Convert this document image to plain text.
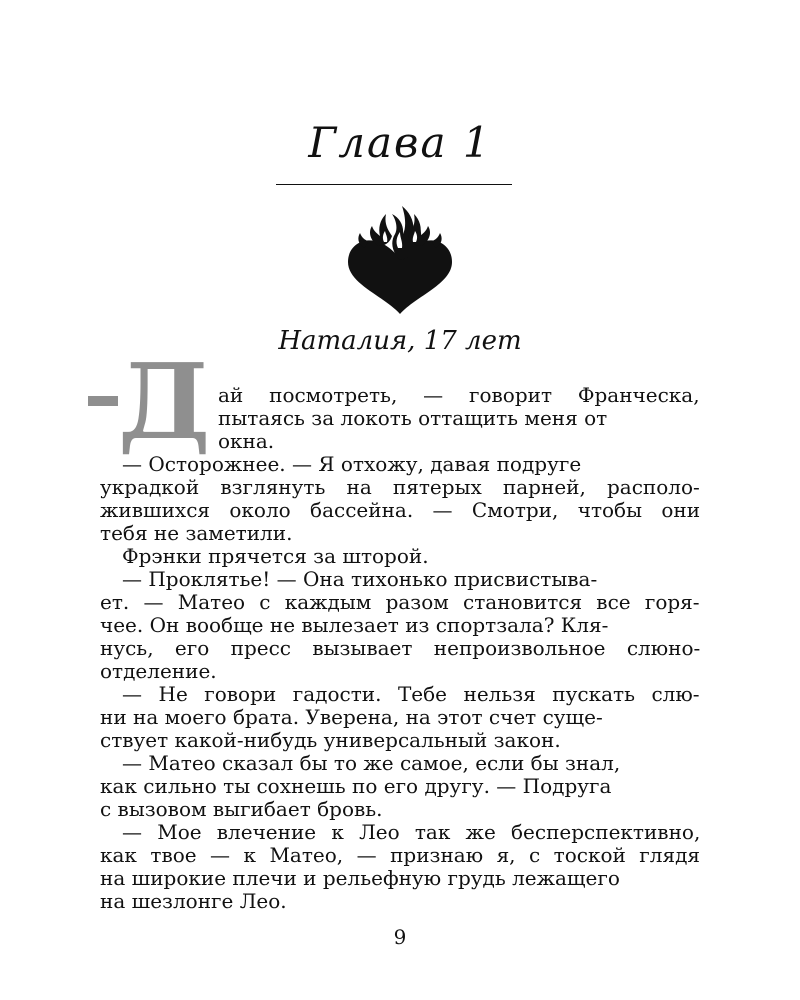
Глава 1
Наталия, 17 лет
Д ай посмотреть, — говорит Франческа,

пытаясь за локоть оттащить меня от

окна.

— Осторожнее. — Я отхожу, давая подруге

украдкой взглянуть на пятерых парней, располо-

жившихся около бассейна. — Смотри, чтобы они

тебя не заметили.

Фрэнки прячется за шторой.

— Проклятье! — Она тихонько присвистыва-

ет. — Матео с каждым разом становится все горя-

чее. Он вообще не вылезает из спортзала? Кля-

нусь, его пресс вызывает непроизвольное слюно-

отделение.

— Не говори гадости. Тебе нельзя пускать слю-

ни на моего брата. Уверена, на этот счет суще-

ствует какой-нибудь универсальный закон.

— Матео сказал бы то же самое, если бы знал,

как сильно ты сохнешь по его другу. — Подруга

с вызовом выгибает бровь.

— Мое влечение к Лео так же бесперспективно,

как твое — к Матео, — признаю я, с тоской глядя

на широкие плечи и рельефную грудь лежащего

на шезлонге Лео.

9
